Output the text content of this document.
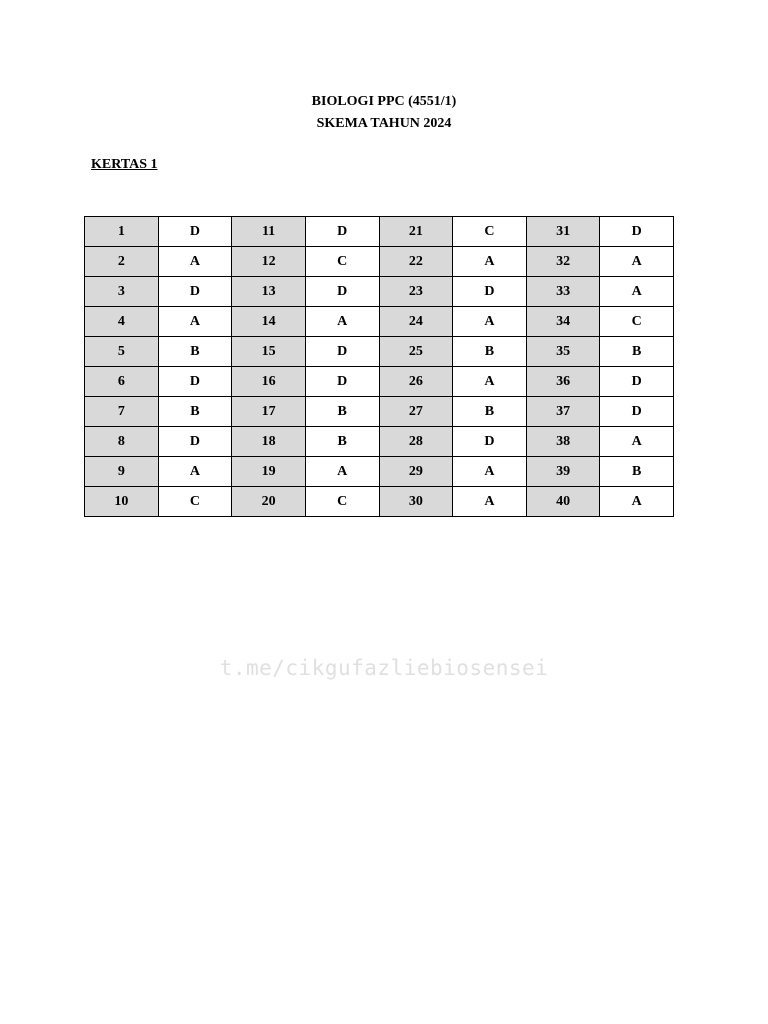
BIOLOGI PPC (4551/1)
SKEMA TAHUN 2024
KERTAS 1
1	D	11	D	21	C	31	D
2	A	12	C	22	A	32	A
3	D	13	D	23	D	33	A
4	A	14	A	24	A	34	C
5	B	15	D	25	B	35	B
6	D	16	D	26	A	36	D
7	B	17	B	27	B	37	D
8	D	18	B	28	D	38	A
9	A	19	A	29	A	39	B
10	C	20	C	30	A	40	A
t.me/cikgufazliebiosensei
